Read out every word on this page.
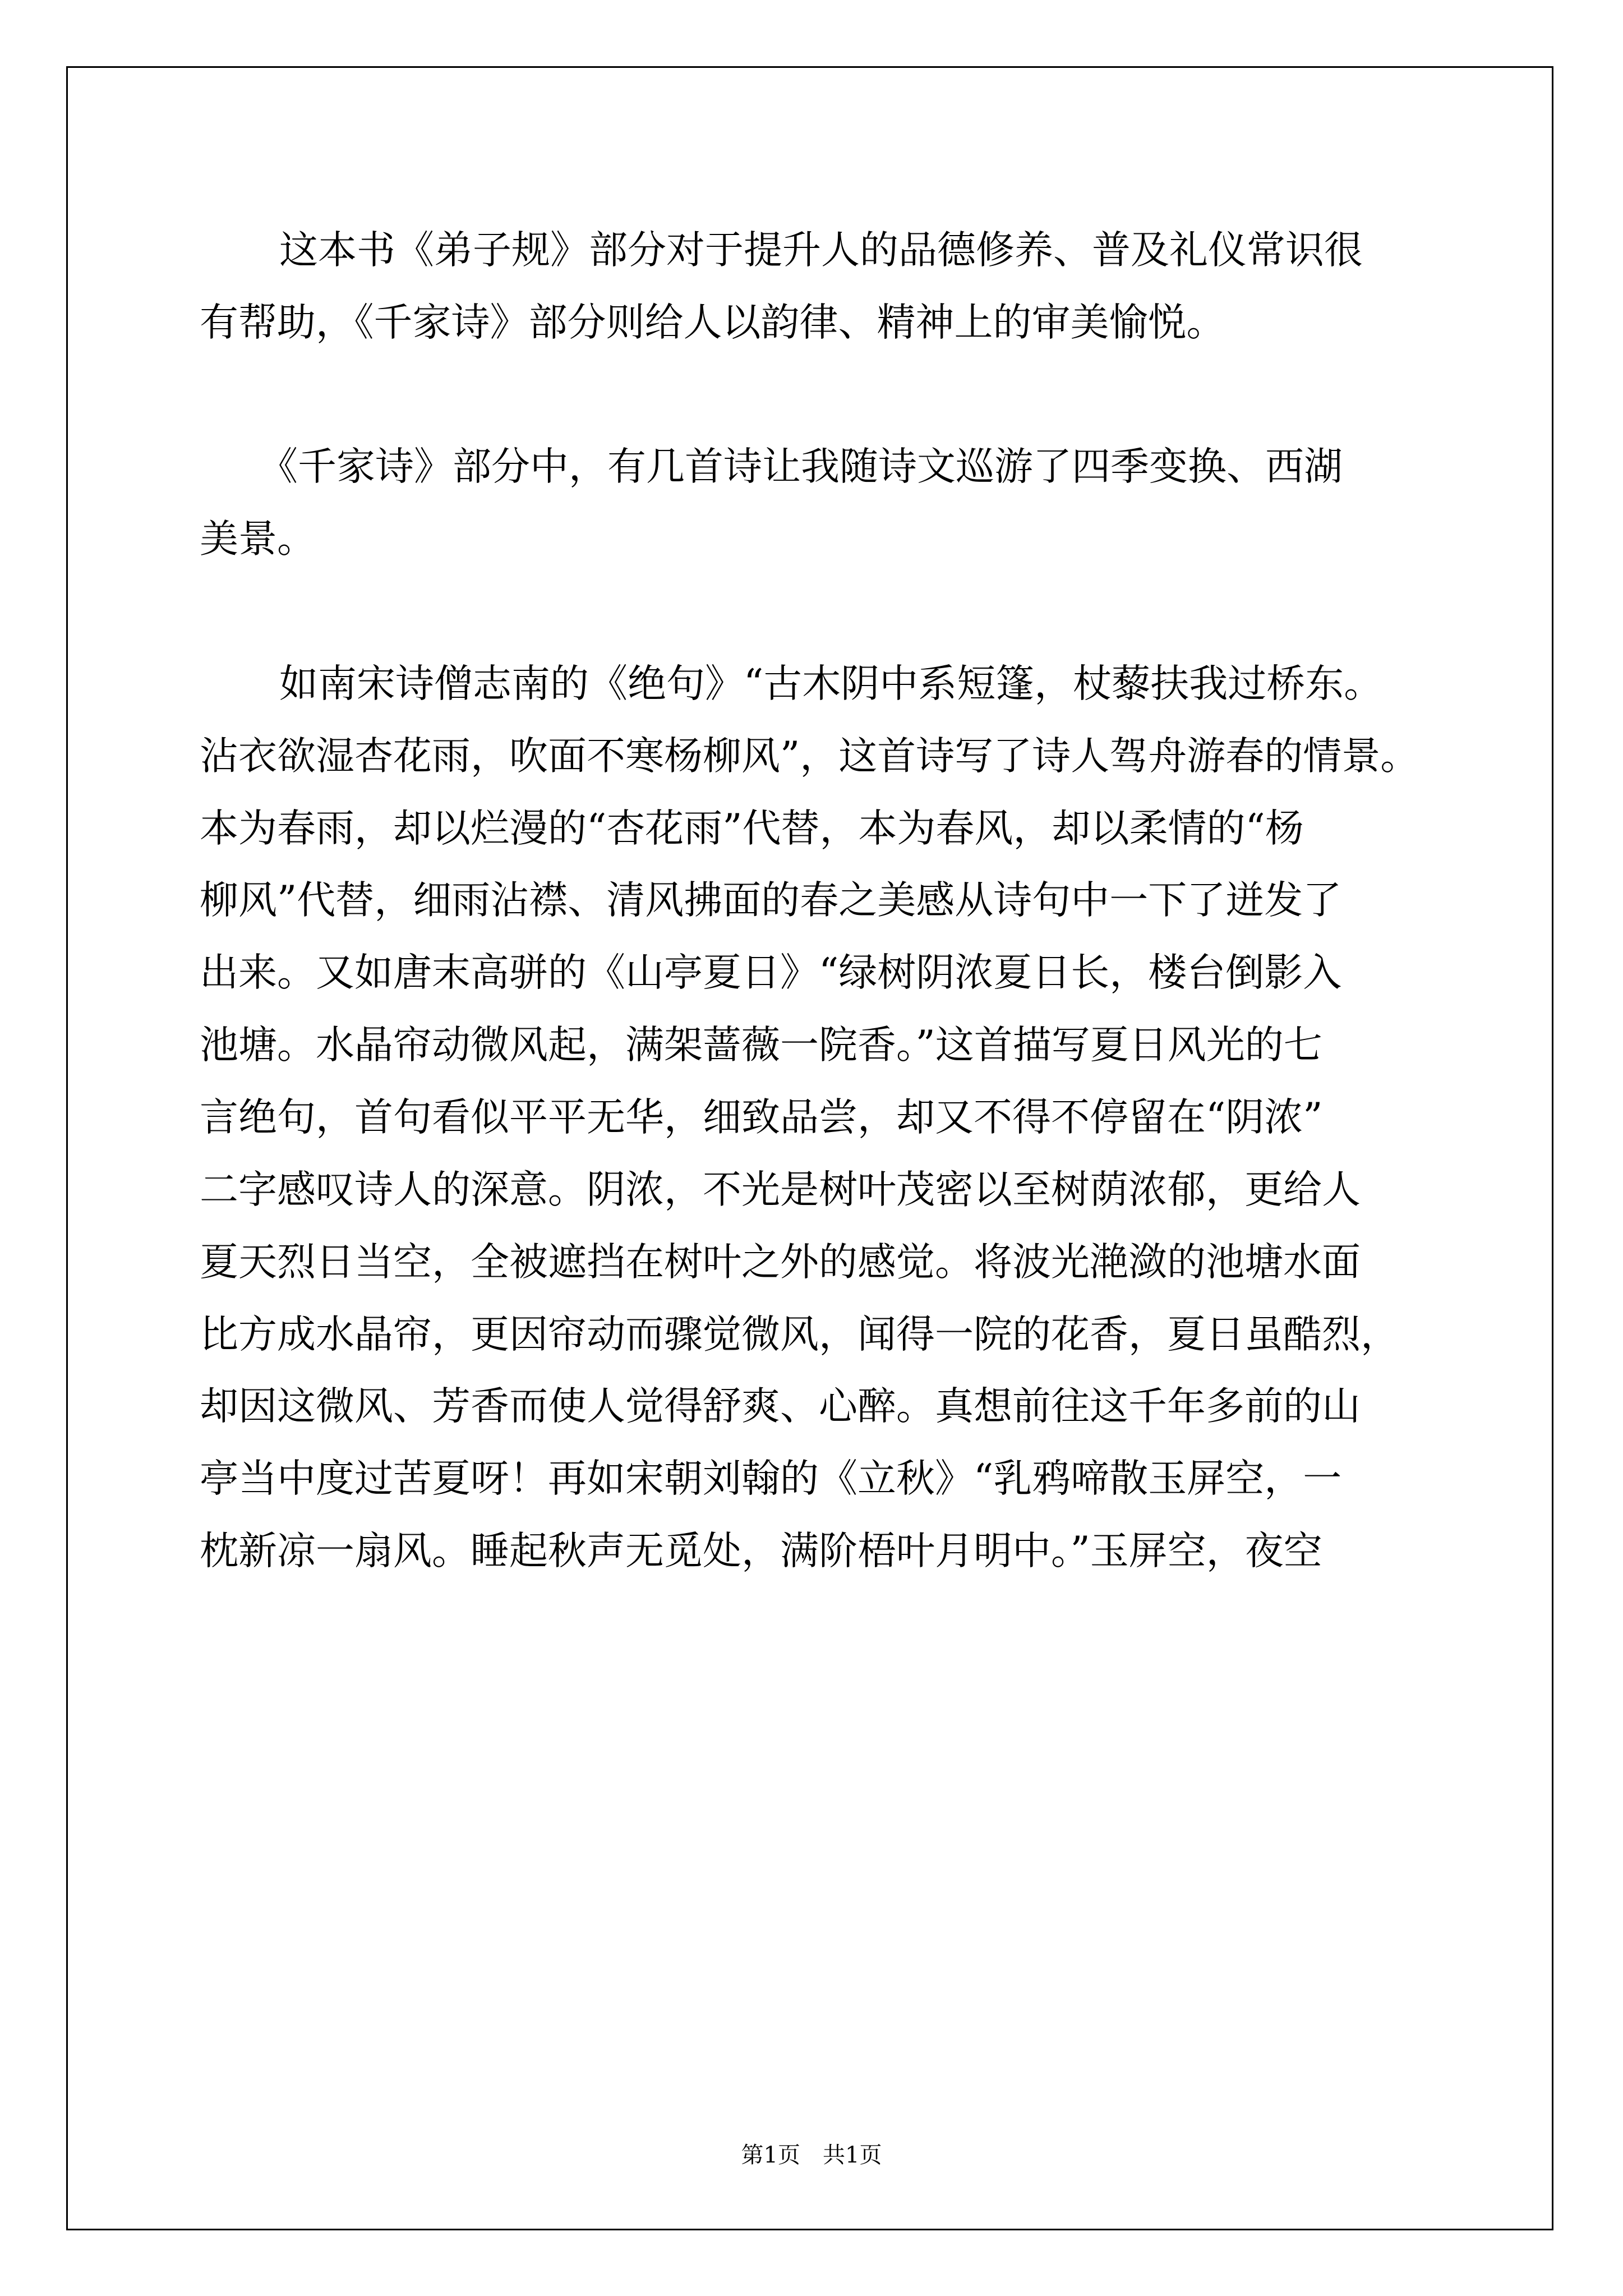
这本书《弟子规》部分对于提升人的品德修养、普及礼仪常识很
有帮助，《千家诗》部分则给人以韵律、精神上的审美愉悦。
《千家诗》部分中，有几首诗让我随诗文巡游了四季变换、西湖
美景。
如南宋诗僧志南的《绝句》“古木阴中系短篷，杖藜扶我过桥东。
沾衣欲湿杏花雨，吹面不寒杨柳风”，这首诗写了诗人驾舟游春的情景。
本为春雨，却以烂漫的“杏花雨”代替，本为春风，却以柔情的“杨
柳风”代替，细雨沾襟、清风拂面的春之美感从诗句中一下了迸发了
出来。又如唐末高骈的《山亭夏日》“绿树阴浓夏日长，楼台倒影入
池塘。水晶帘动微风起，满架蔷薇一院香。”这首描写夏日风光的七
言绝句，首句看似平平无华，细致品尝，却又不得不停留在“阴浓”
二字感叹诗人的深意。阴浓，不光是树叶茂密以至树荫浓郁，更给人
夏天烈日当空，全被遮挡在树叶之外的感觉。将波光滟潋的池塘水面
比方成水晶帘，更因帘动而骤觉微风，闻得一院的花香，夏日虽酷烈，
却因这微风、芳香而使人觉得舒爽、心醉。真想前往这千年多前的山
亭当中度过苦夏呀！再如宋朝刘翰的《立秋》“乳鸦啼散玉屏空，一
枕新凉一扇风。睡起秋声无觅处，满阶梧叶月明中。”玉屏空，夜空
第1页　共1页
